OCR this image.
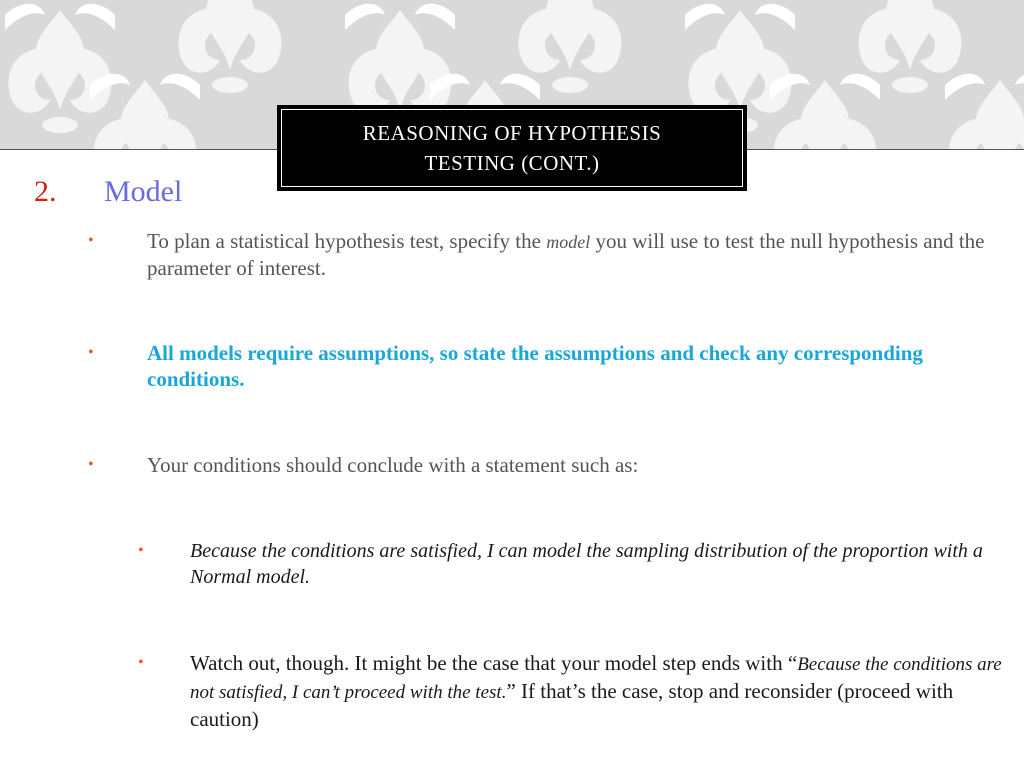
REASONING OF HYPOTHESIS
TESTING (CONT.)
2. Model
•	To plan a statistical hypothesis test, specify the model you will use to test the null hypothesis and the parameter of interest.
•	All models require assumptions, so state the assumptions and check any corresponding conditions.
•	Your conditions should conclude with a statement such as:
• Because the conditions are satisfied, I can model the sampling distribution of the proportion with a Normal model.
• Watch out, though. It might be the case that your model step ends with “Because the conditions are not satisfied, I can’t proceed with the test.” If that’s the case, stop and reconsider (proceed with caution)
